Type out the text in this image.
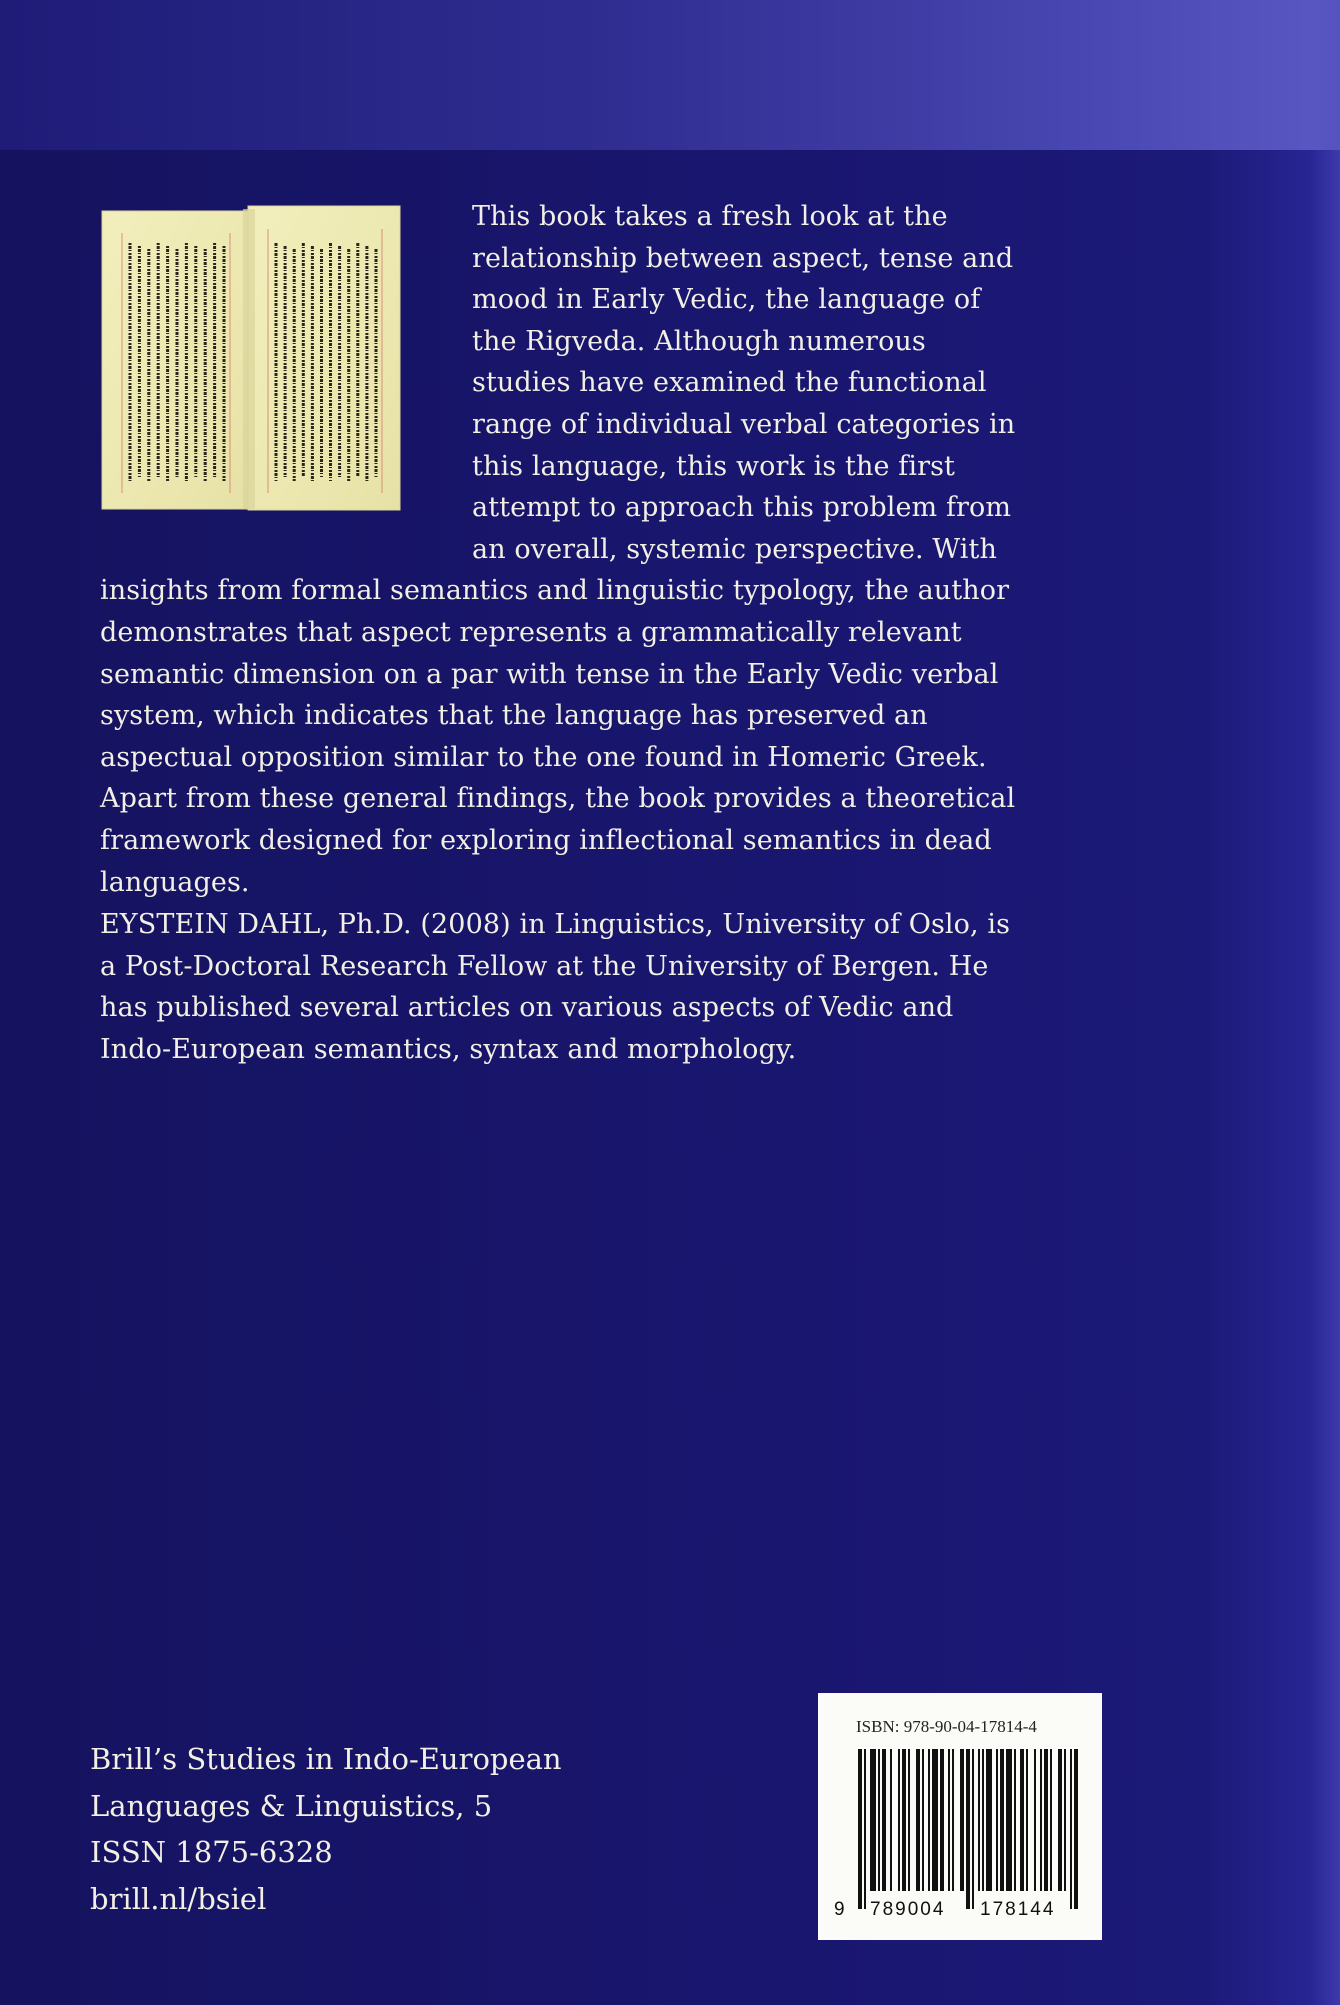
This book takes a fresh look at the relationship between aspect, tense and mood in Early Vedic, the language of the Rigveda. Although numerous studies have examined the functional range of individual verbal categories in this language, this work is the first attempt to approach this problem from an overall, systemic perspective. With insights from formal semantics and linguistic typology, the author demonstrates that aspect represents a grammatically relevant semantic dimension on a par with tense in the Early Vedic verbal system, which indicates that the language has preserved an aspectual opposition similar to the one found in Homeric Greek. Apart from these general findings, the book provides a theoretical framework designed for exploring inflectional semantics in dead languages.

EYSTEIN DAHL, Ph.D. (2008) in Linguistics, University of Oslo, is a Post-Doctoral Research Fellow at the University of Bergen. He has published several articles on various aspects of Vedic and Indo-European semantics, syntax and morphology.

Brill’s Studies in Indo-European
Languages & Linguistics, 5
ISSN 1875-6328
brill.nl/bsiel
ISBN: 978-90-04-17814-4
9 789004 178144
